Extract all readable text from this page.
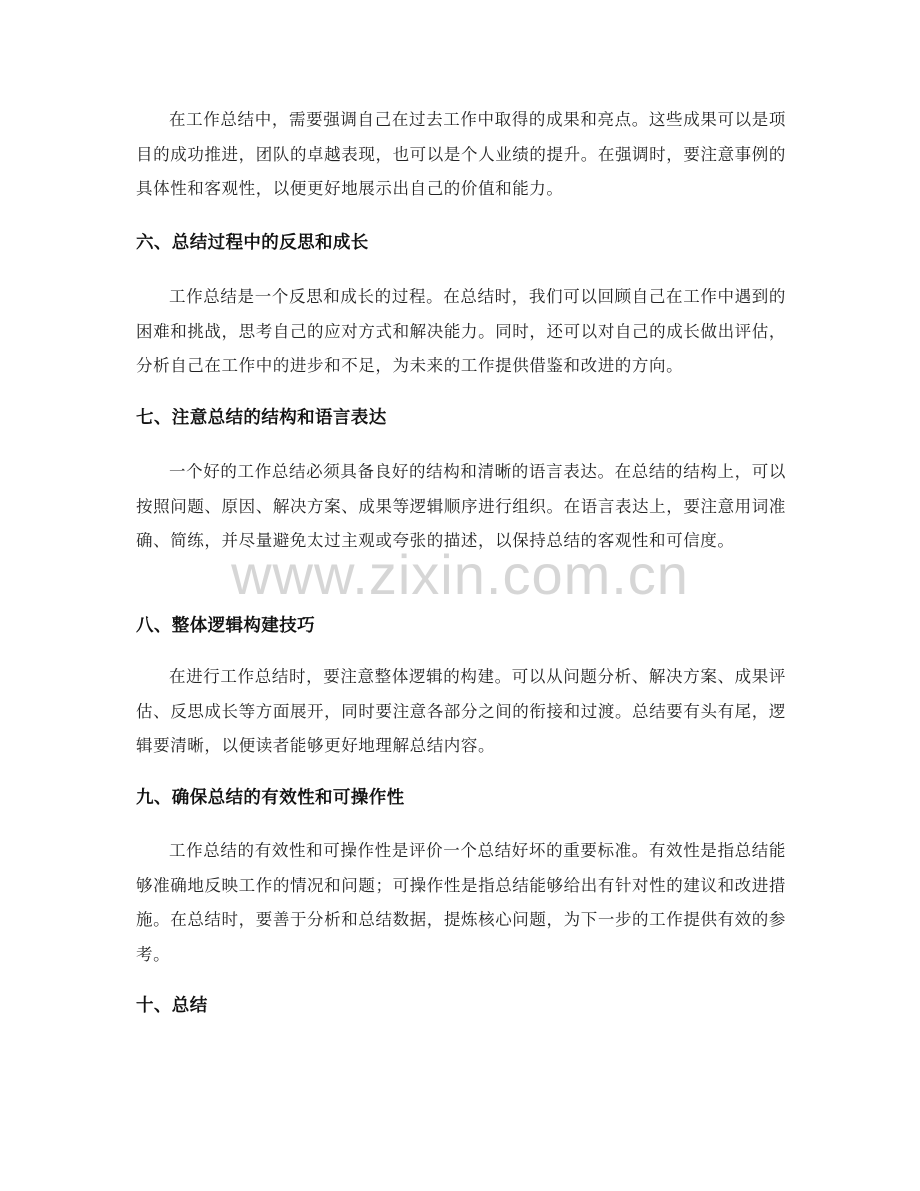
在工作总结中，需要强调自己在过去工作中取得的成果和亮点。这些成果可以是项目的成功推进，团队的卓越表现，也可以是个人业绩的提升。在强调时，要注意事例的具体性和客观性，以便更好地展示出自己的价值和能力。

六、总结过程中的反思和成长

工作总结是一个反思和成长的过程。在总结时，我们可以回顾自己在工作中遇到的困难和挑战，思考自己的应对方式和解决能力。同时，还可以对自己的成长做出评估，分析自己在工作中的进步和不足，为未来的工作提供借鉴和改进的方向。

七、注意总结的结构和语言表达

一个好的工作总结必须具备良好的结构和清晰的语言表达。在总结的结构上，可以按照问题、原因、解决方案、成果等逻辑顺序进行组织。在语言表达上，要注意用词准确、简练，并尽量避免太过主观或夸张的描述，以保持总结的客观性和可信度。

八、整体逻辑构建技巧

在进行工作总结时，要注意整体逻辑的构建。可以从问题分析、解决方案、成果评估、反思成长等方面展开，同时要注意各部分之间的衔接和过渡。总结要有头有尾，逻辑要清晰，以便读者能够更好地理解总结内容。

九、确保总结的有效性和可操作性

工作总结的有效性和可操作性是评价一个总结好坏的重要标准。有效性是指总结能够准确地反映工作的情况和问题；可操作性是指总结能够给出有针对性的建议和改进措施。在总结时，要善于分析和总结数据，提炼核心问题，为下一步的工作提供有效的参考。

十、总结
www.zixin.com.cn
